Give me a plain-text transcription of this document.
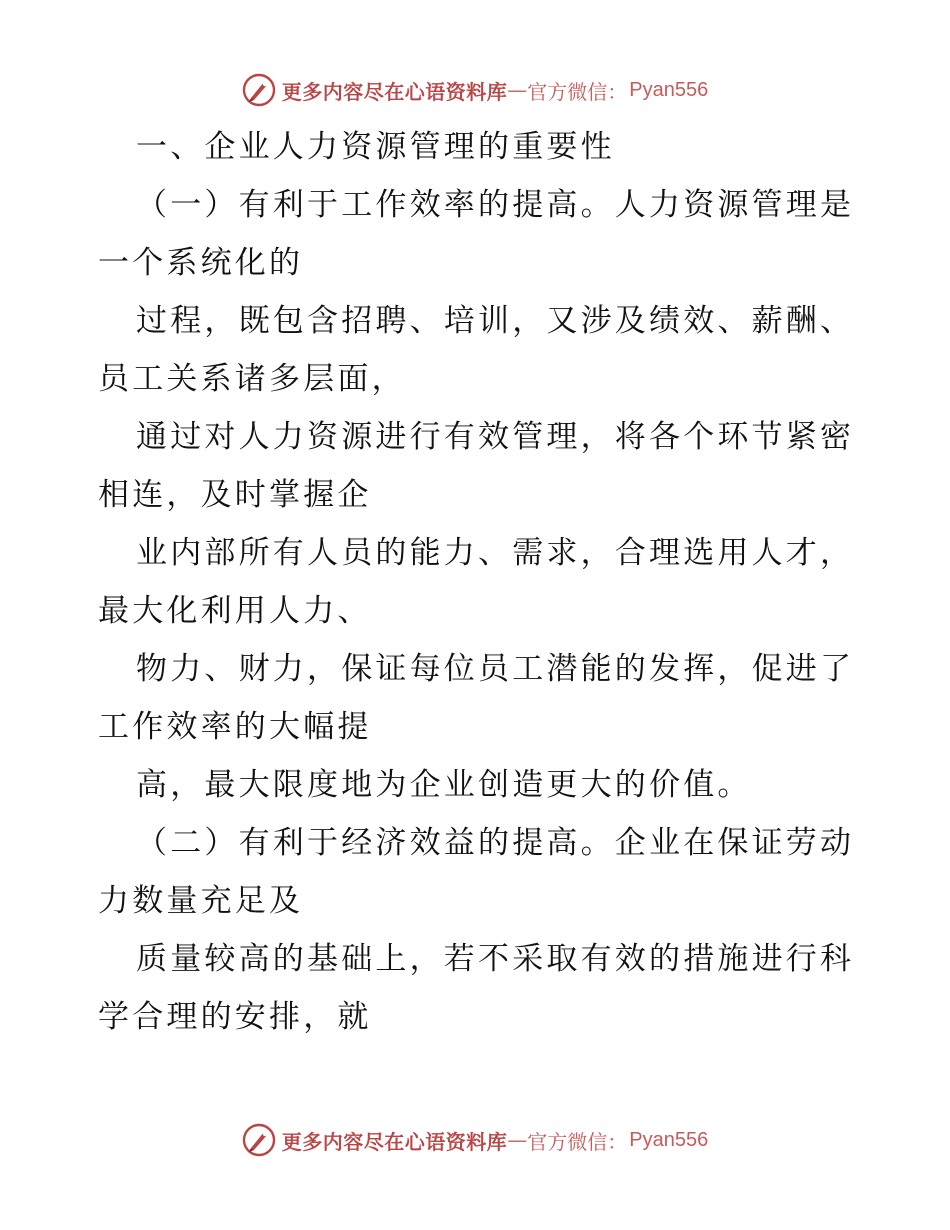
更多内容尽在心语资料库 — 官方微信： Pyan556

一、企业人力资源管理的重要性

（一）有利于工作效率的提高。人力资源管理是

一个系统化的

过程，既包含招聘、培训，又涉及绩效、薪酬、

员工关系诸多层面，

通过对人力资源进行有效管理，将各个环节紧密

相连，及时掌握企

业内部所有人员的能力、需求，合理选用人才，

最大化利用人力、

物力、财力，保证每位员工潜能的发挥，促进了

工作效率的大幅提

高，最大限度地为企业创造更大的价值。

（二）有利于经济效益的提高。企业在保证劳动

力数量充足及

质量较高的基础上，若不采取有效的措施进行科

学合理的安排，就

更多内容尽在心语资料库 — 官方微信： Pyan556
